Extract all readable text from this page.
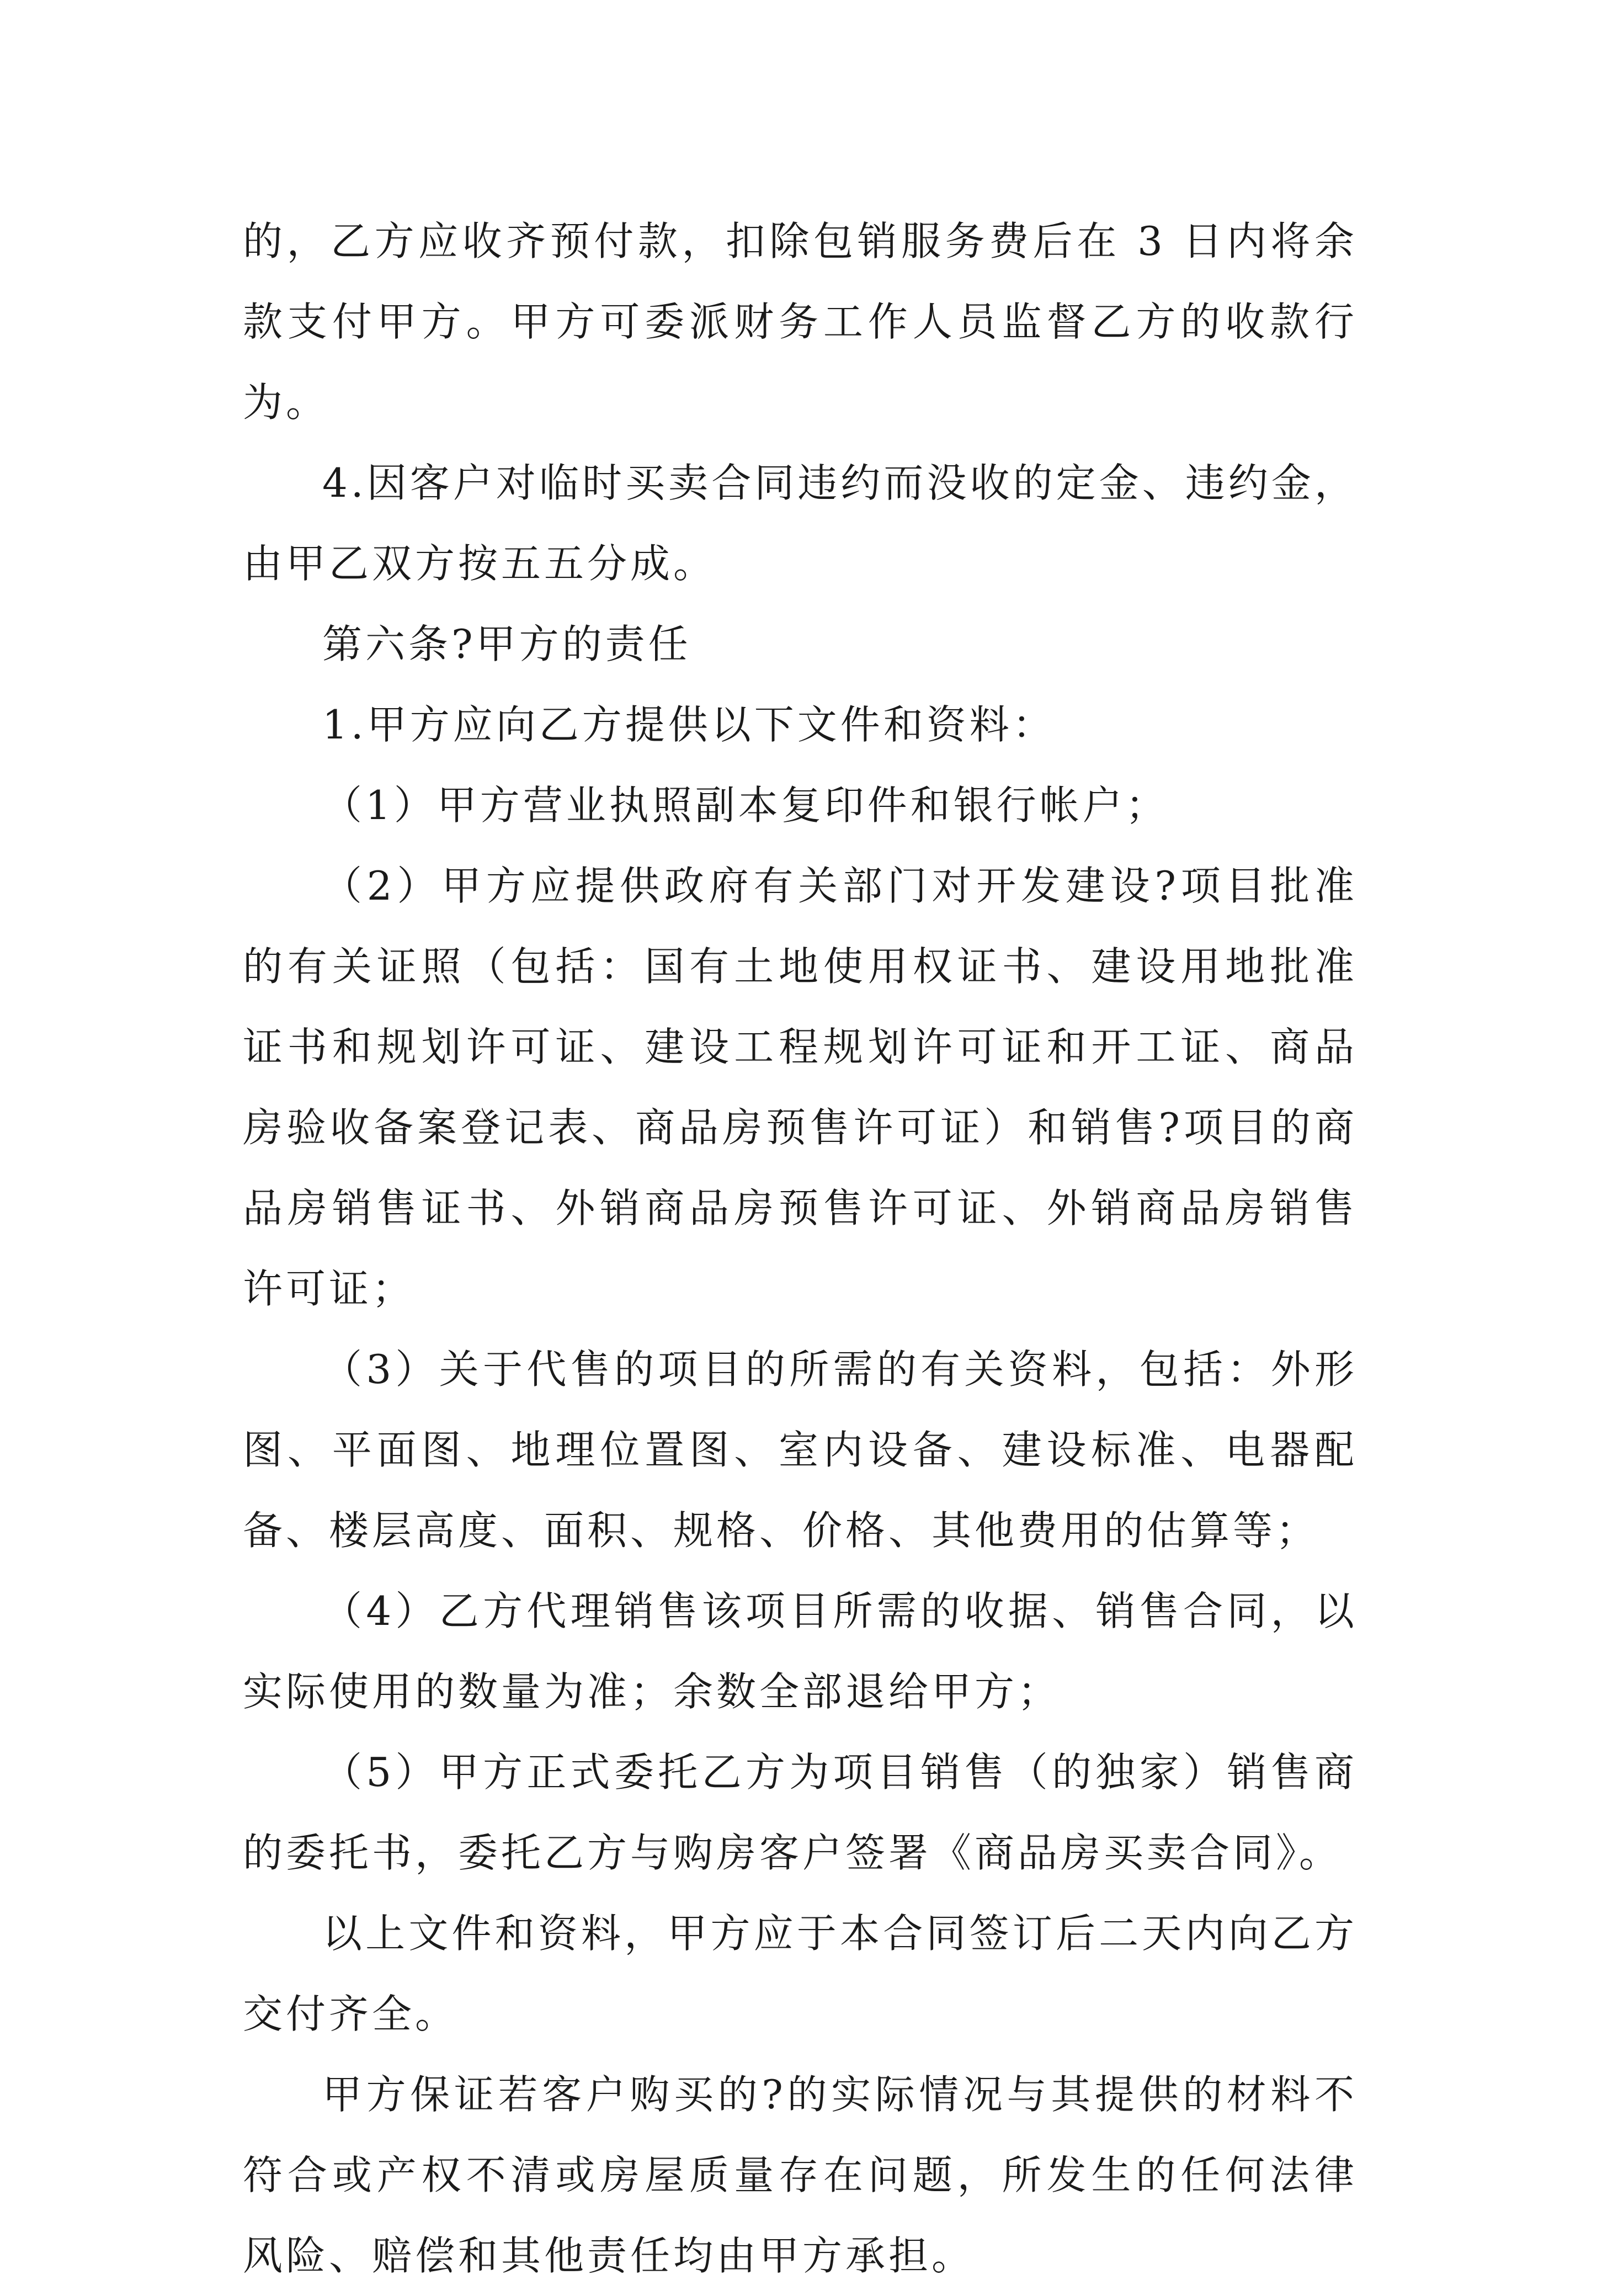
的，乙方应收齐预付款，扣除包销服务费后在 3 日内将余款支付甲方。甲方可委派财务工作人员监督乙方的收款行为。

4.因客户对临时买卖合同违约而没收的定金、违约金，由甲乙双方按五五分成。

第六条?甲方的责任

1.甲方应向乙方提供以下文件和资料：

（1）甲方营业执照副本复印件和银行帐户；

（2）甲方应提供政府有关部门对开发建设?项目批准的有关证照（包括：国有土地使用权证书、建设用地批准证书和规划许可证、建设工程规划许可证和开工证、商品房验收备案登记表、商品房预售许可证）和销售?项目的商品房销售证书、外销商品房预售许可证、外销商品房销售许可证；

（3）关于代售的项目的所需的有关资料，包括：外形图、平面图、地理位置图、室内设备、建设标准、电器配备、楼层高度、面积、规格、价格、其他费用的估算等；

（4）乙方代理销售该项目所需的收据、销售合同，以实际使用的数量为准；余数全部退给甲方；

（5）甲方正式委托乙方为项目销售（的独家）销售商的委托书，委托乙方与购房客户签署《商品房买卖合同》。

以上文件和资料，甲方应于本合同签订后二天内向乙方交付齐全。

甲方保证若客户购买的?的实际情况与其提供的材料不符合或产权不清或房屋质量存在问题，所发生的任何法律风险、赔偿和其他责任均由甲方承担。
